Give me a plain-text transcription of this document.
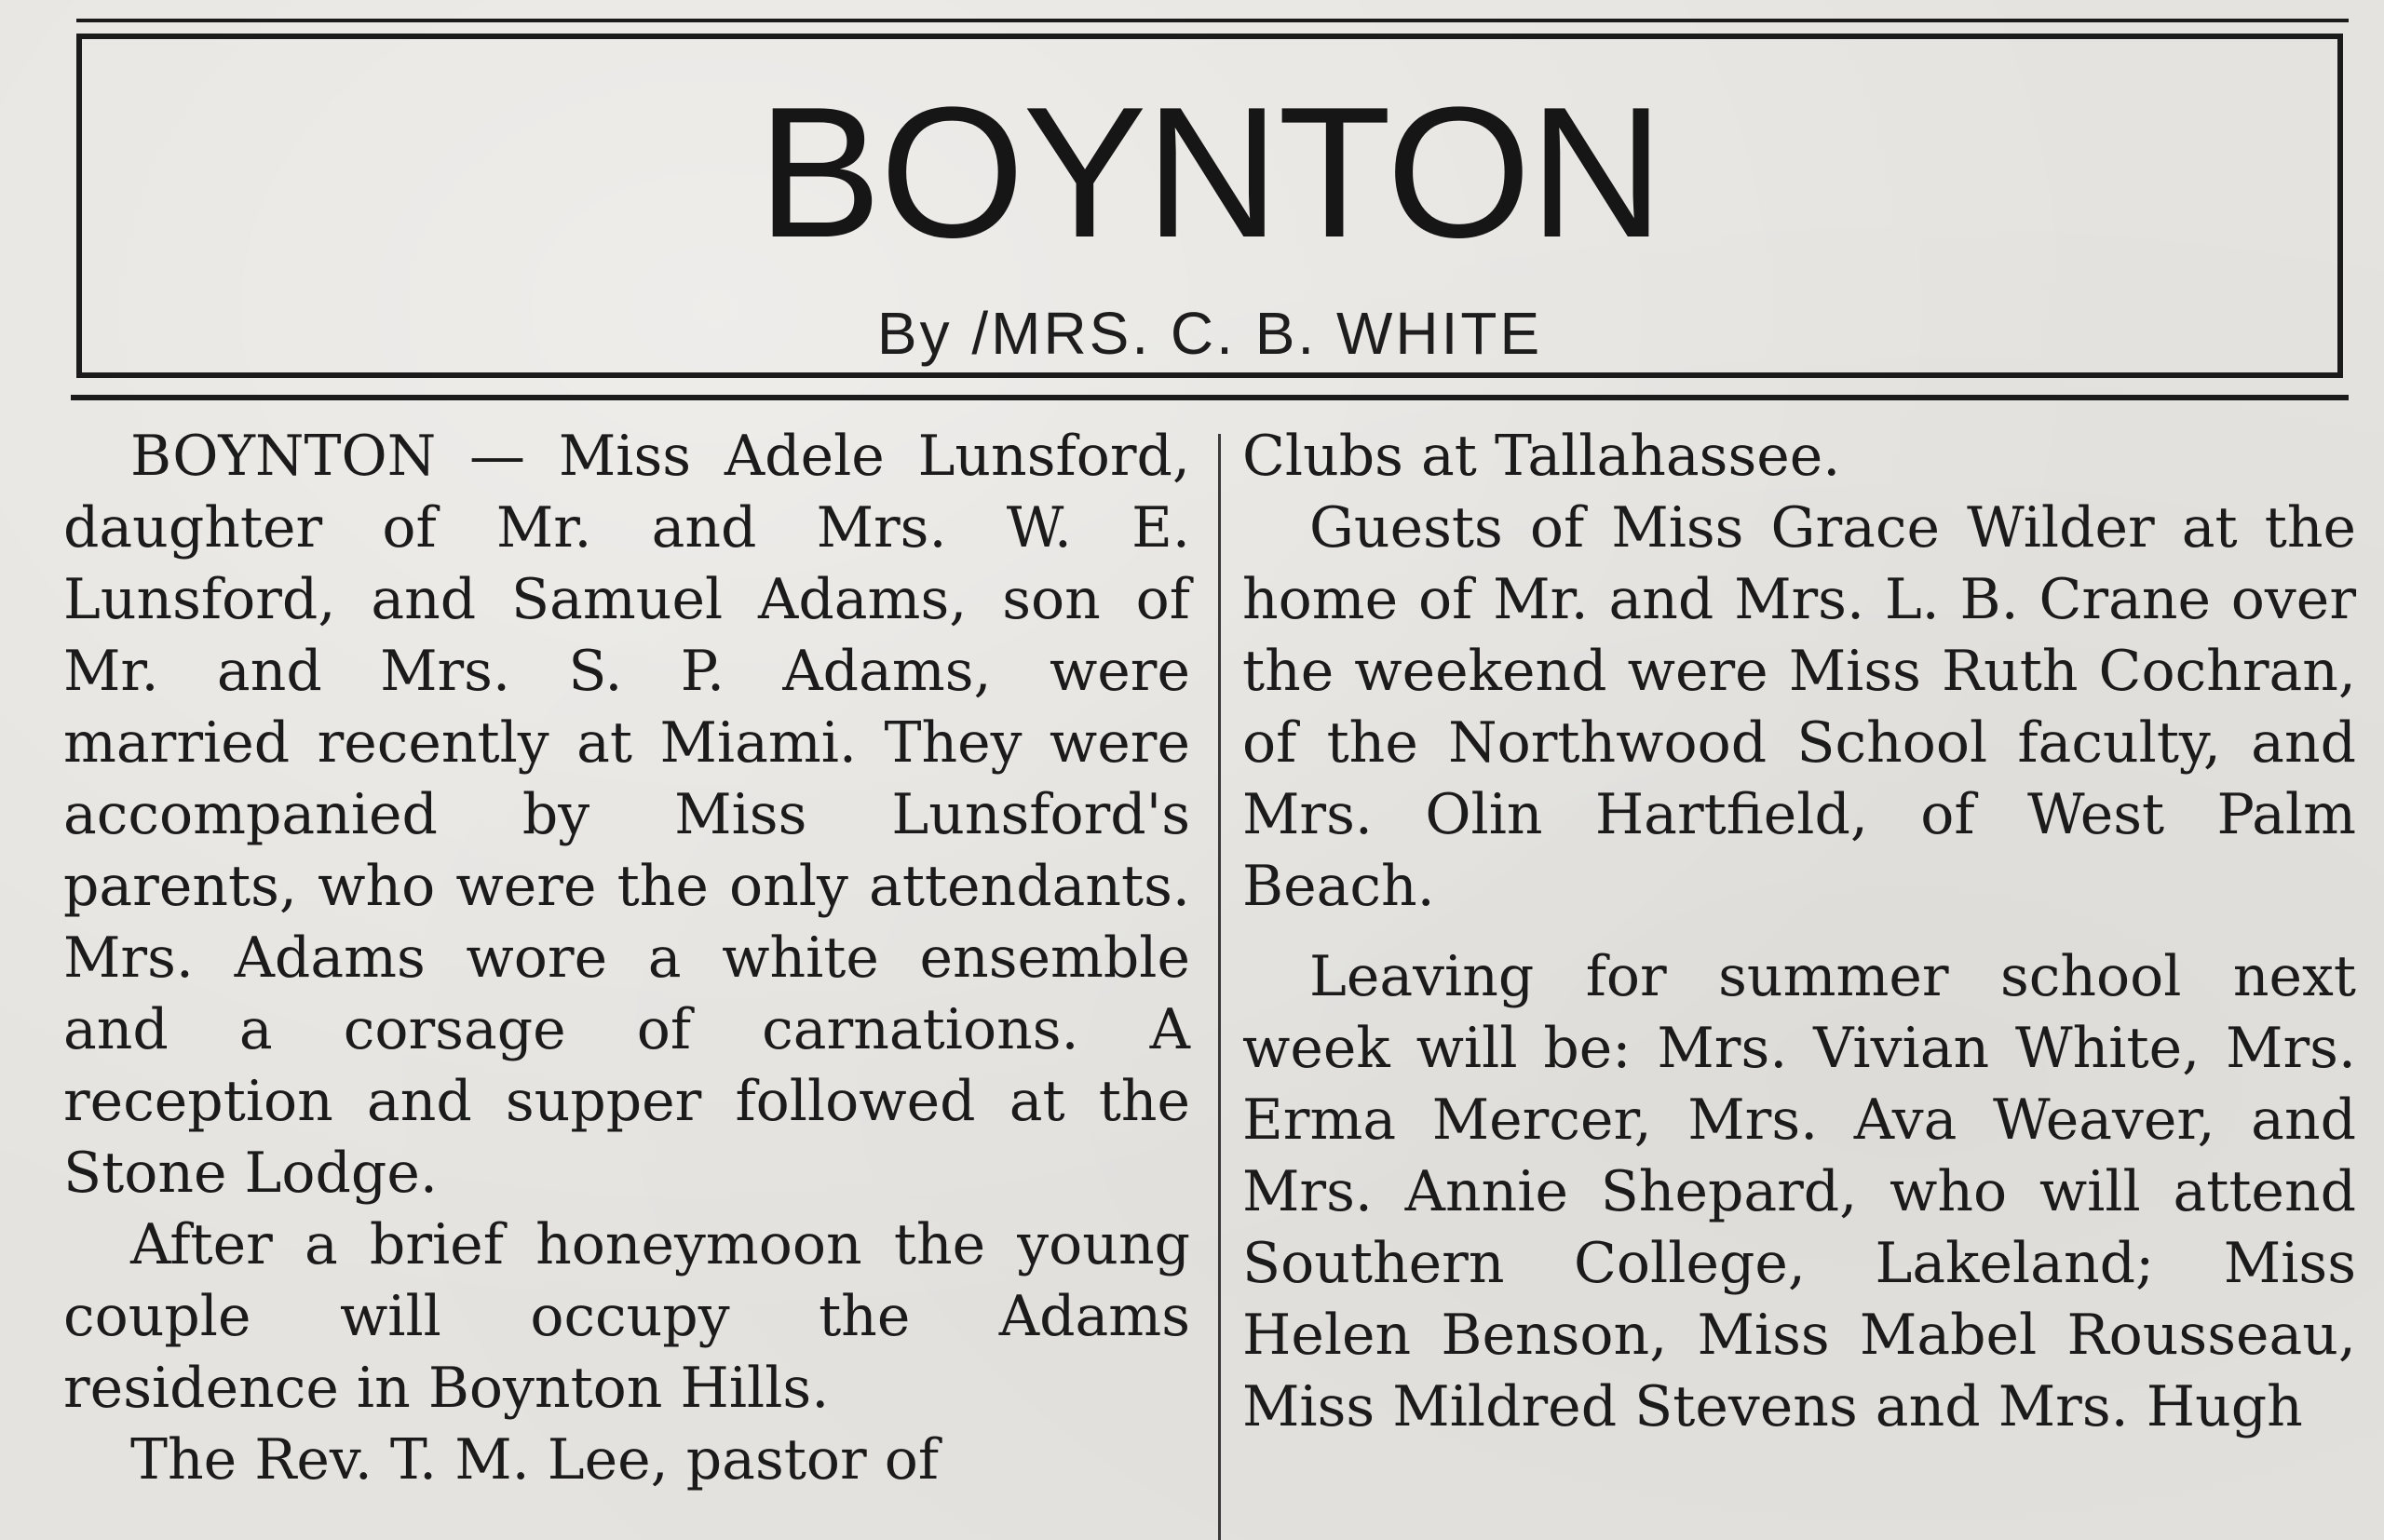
BOYNTON
By /MRS. C. B. WHITE

BOYNTON — Miss Adele Lunsford, daughter of Mr. and Mrs. W. E. Lunsford, and Samuel Adams, son of Mr. and Mrs. S. P. Adams, were married recently at Miami. They were accompanied by Miss Lunsford's parents, who were the only attendants. Mrs. Adams wore a white ensemble and a corsage of carnations. A reception and supper followed at the Stone Lodge.

After a brief honeymoon the young couple will occupy the Adams residence in Boynton Hills.

The Rev. T. M. Lee, pastor of

Clubs at Tallahassee.

Guests of Miss Grace Wilder at the home of Mr. and Mrs. L. B. Crane over the weekend were Miss Ruth Cochran, of the Northwood School faculty, and Mrs. Olin Hartfield, of West Palm Beach.

Leaving for summer school next week will be: Mrs. Vivian White, Mrs. Erma Mercer, Mrs. Ava Weaver, and Mrs. Annie Shepard, who will attend Southern College, Lakeland; Miss Helen Benson, Miss Mabel Rousseau, Miss Mildred Stevens and Mrs. Hugh
